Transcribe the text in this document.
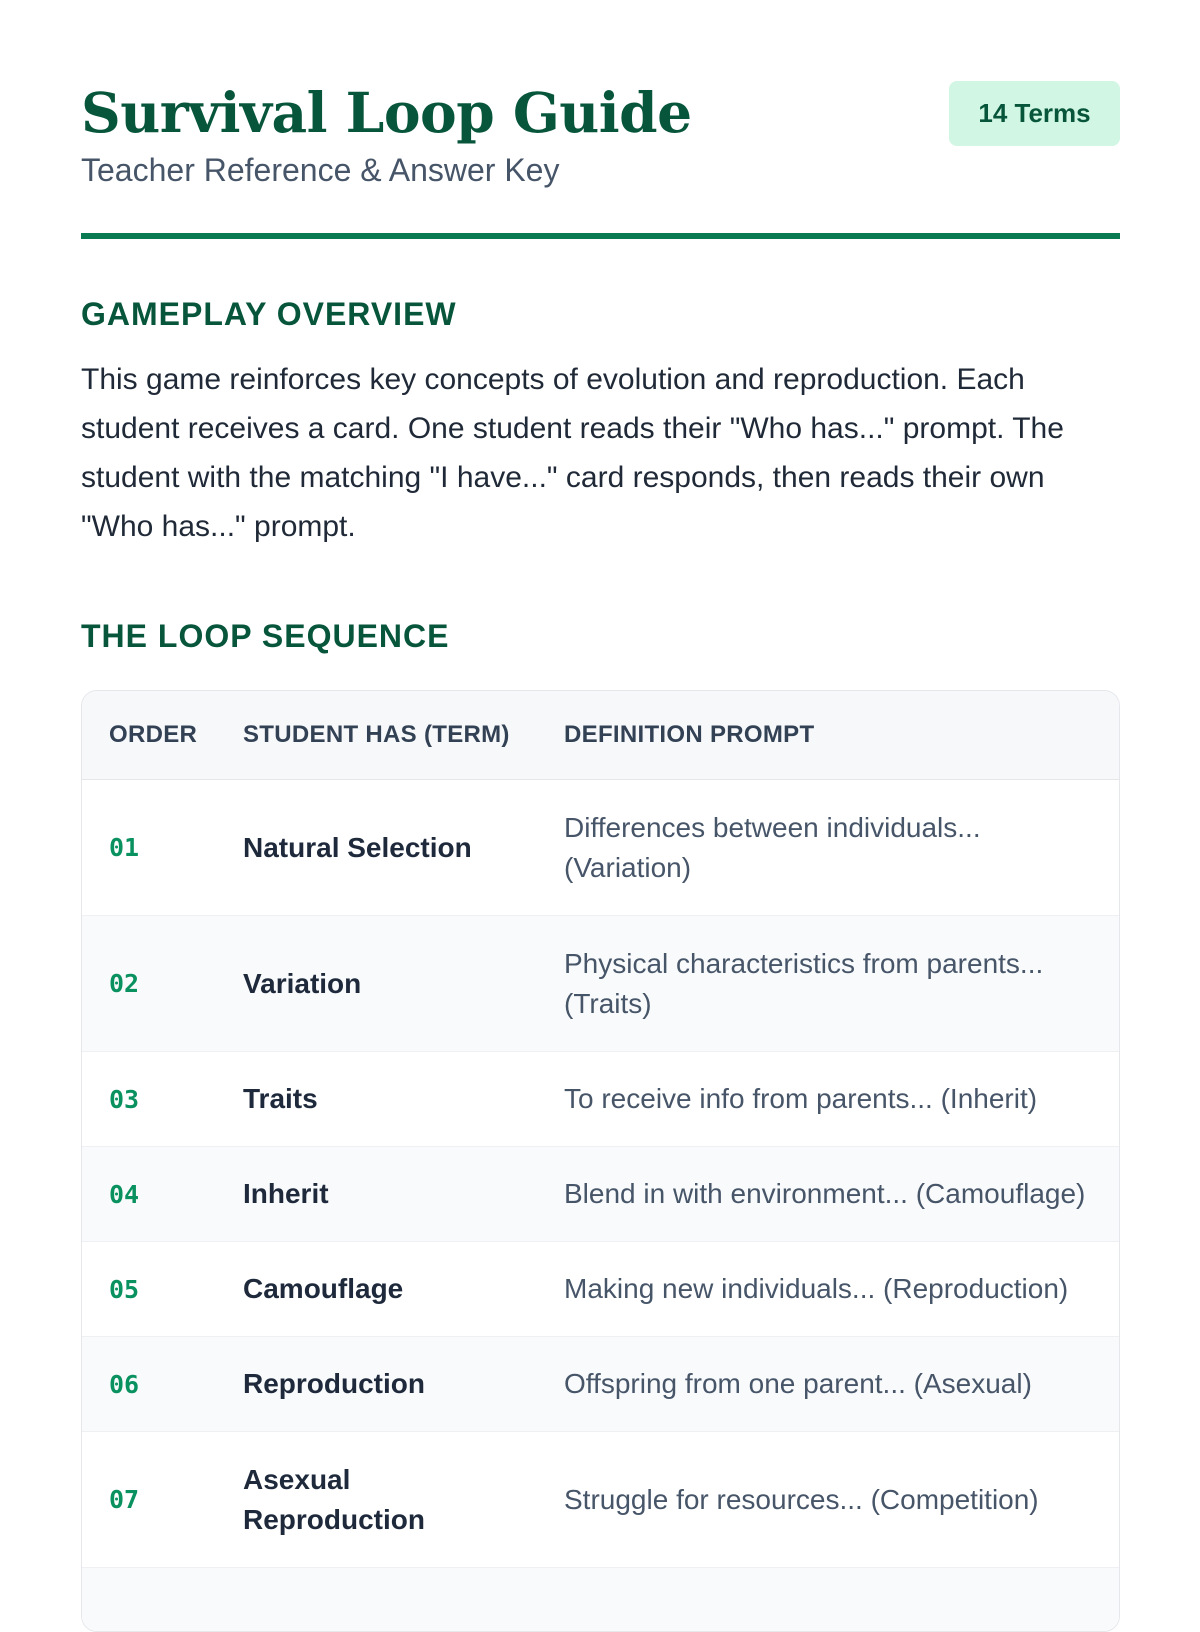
Survival Loop Guide

Teacher Reference & Answer Key

14 Terms
GAMEPLAY OVERVIEW

This game reinforces key concepts of evolution and reproduction. Each student receives a card. One student reads their "Who has..." prompt. The student with the matching "I have..." card responds, then reads their own "Who has..." prompt.

THE LOOP SEQUENCE
ORDER	STUDENT HAS (TERM)	DEFINITION PROMPT
01	Natural Selection	Differences between individuals... (Variation)
02	Variation	Physical characteristics from parents... (Traits)
03	Traits	To receive info from parents... (Inherit)
04	Inherit	Blend in with environment... (Camouflage)
05	Camouflage	Making new individuals... (Reproduction)
06	Reproduction	Offspring from one parent... (Asexual)
07	Asexual Reproduction	Struggle for resources... (Competition)
